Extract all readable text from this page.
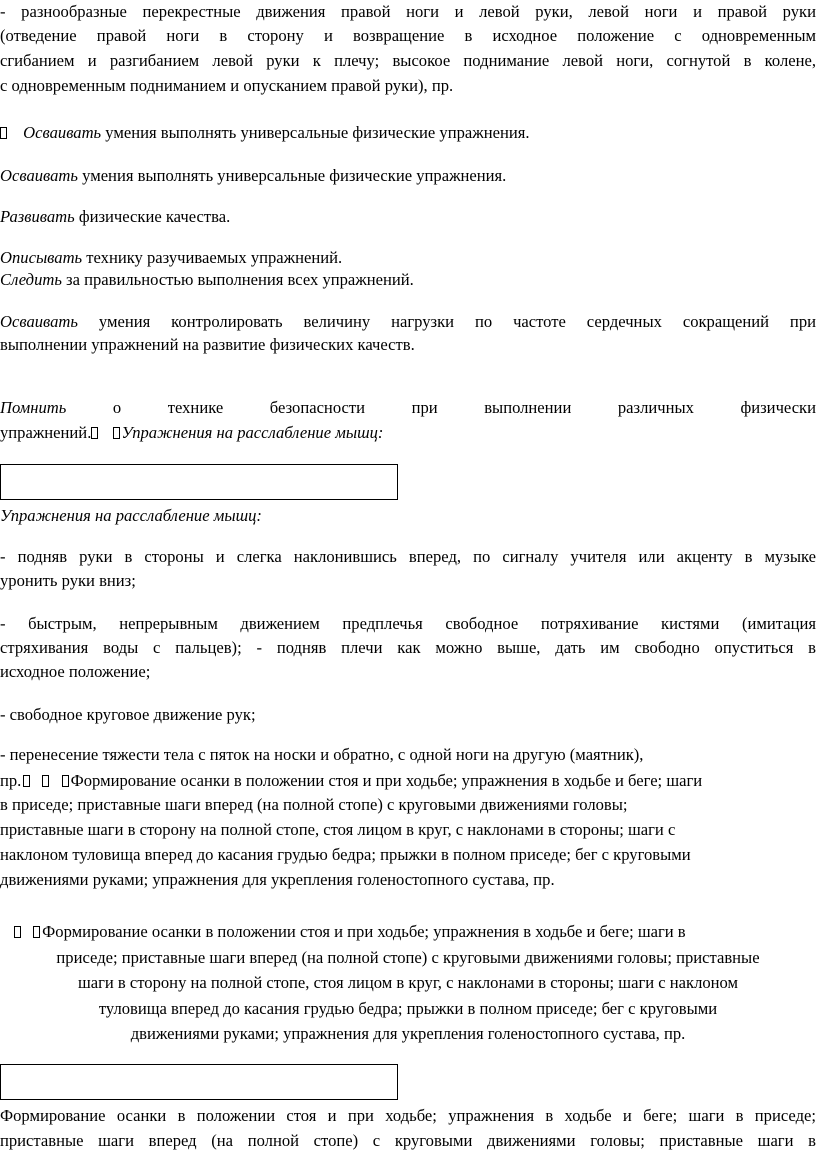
- разнообразные перекрестные движения правой ноги и левой руки, левой ноги и правой руки
(отведение правой ноги в сторону и возвращение в исходное положение с одновременным
сгибанием и разгибанием левой руки к плечу; высокое подниманиe левой ноги, согнутой в колене,
с одновременным подниманием и опусканием правой руки), пр.
Осваивать умения выполнять универсальные физические упражнения.
Осваивать умения выполнять универсальные физические упражнения.
Развивать физические качества.
Описывать технику разучиваемых упражнений.
Следить за правильностью выполнения всех упражнений.
Осваивать умения контролировать величину нагрузки по частоте сердечных сокращений при
выполнении упражнений на развитие физических качеств.
Помнить о технике безопасности при выполнении различных физически
упражнений. Упражнения на расслабление мышц:
Упражнения на расслабление мышц:
- подняв руки в стороны и слегка наклонившись вперед, по сигналу учителя или акценту в музыке
уронить руки вниз;
- быстрым, непрерывным движением предплечья свободное потряхивание кистями (имитация
стряхивания воды с пальцев); - подняв плечи как можно выше, дать им свободно опуститься в
исходное положение;
- свободное круговое движение рук;
- перенесение тяжести тела с пяток на носки и обратно, с одной ноги на другую (маятник),
пр.	Формирование осанки в положении стоя и при ходьбе; упражнения в ходьбе и беге; шаги
в приседе; приставные шаги вперед (на полной стопе) с круговыми движениями головы;
приставные шаги в сторону на полной стопе, стоя лицом в круг, с наклонами в стороны; шаги с
наклоном туловища вперед до касания грудью бедра; прыжки в полном приседе; бег с круговыми
движениями руками; упражнения для укрепления голеностопного сустава, пр.
Формирование осанки в положении стоя и при ходьбе; упражнения в ходьбе и беге; шаги в
приседе; приставные шаги вперед (на полной стопе) с круговыми движениями головы; приставные
шаги в сторону на полной стопе, стоя лицом в круг, с наклонами в стороны; шаги с наклоном
туловища вперед до касания грудью бедра; прыжки в полном приседе; бег с круговыми
движениями руками; упражнения для укрепления голеностопного сустава, пр.
Формирование осанки в положении стоя и при ходьбе; упражнения в ходьбе и беге; шаги в приседе;
приставные шаги вперед (на полной стопе) с круговыми движениями головы; приставные шаги в
